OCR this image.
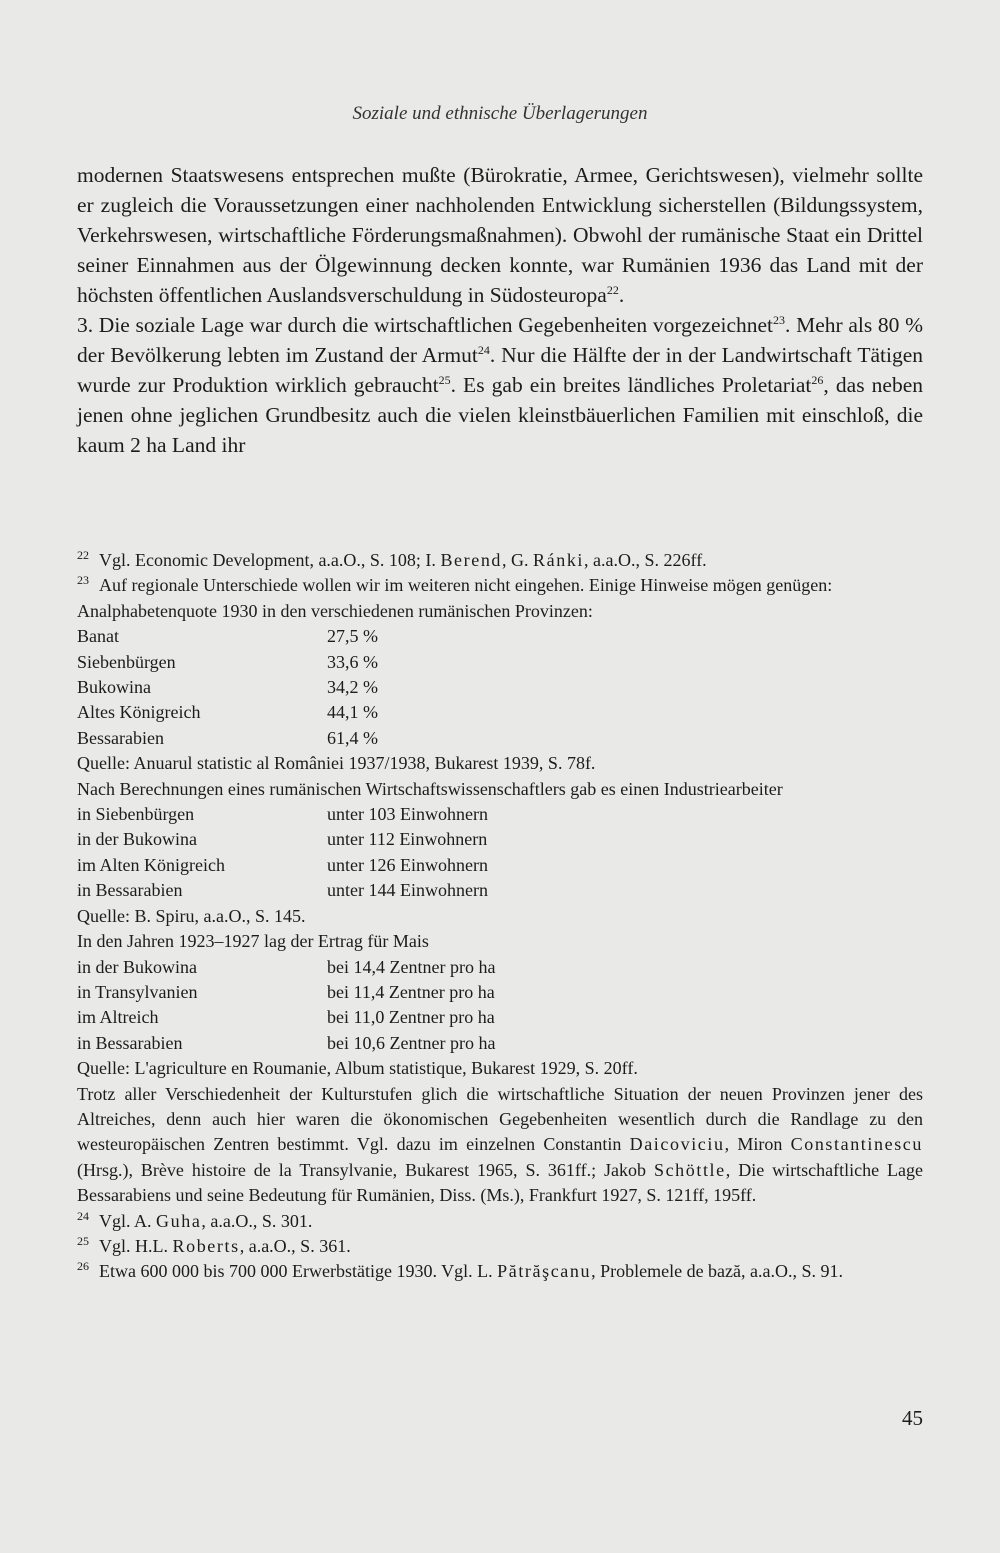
Soziale und ethnische Überlagerungen

modernen Staatswesens entsprechen mußte (Bürokratie, Armee, Gerichtswesen), vielmehr sollte er zugleich die Voraussetzungen einer nachholenden Entwicklung sicherstellen (Bildungssystem, Verkehrswesen, wirtschaftliche Förderungsmaßnahmen). Obwohl der rumänische Staat ein Drittel seiner Einnahmen aus der Ölgewinnung decken konnte, war Rumänien 1936 das Land mit der höchsten öffentlichen Auslandsverschuldung in Südosteuropa$^{22}$.

3. Die soziale Lage war durch die wirtschaftlichen Gegebenheiten vorgezeichnet$^{23}$. Mehr als 80 % der Bevölkerung lebten im Zustand der Armut$^{24}$. Nur die Hälfte der in der Landwirtschaft Tätigen wurde zur Produktion wirklich gebraucht$^{25}$. Es gab ein breites ländliches Proletariat$^{26}$, das neben jenen ohne jeglichen Grundbesitz auch die vielen kleinstbäuerlichen Familien mit einschloß, die kaum 2 ha Land ihr

$^{22}$ Vgl. Economic Development, a.a.O., S. 108; I. Berend, G. Ránki, a.a.O., S. 226ff.

$^{23}$ Auf regionale Unterschiede wollen wir im weiteren nicht eingehen. Einige Hinweise mögen genügen:

Analphabetenquote 1930 in den verschiedenen rumänischen Provinzen:

Banat	27,5 %
Siebenbürgen	33,6 %
Bukowina	34,2 %
Altes Königreich	44,1 %
Bessarabien	61,4 %

Quelle: Anuarul statistic al României 1937/1938, Bukarest 1939, S. 78f.

Nach Berechnungen eines rumänischen Wirtschaftswissenschaftlers gab es einen Industriearbeiter

in Siebenbürgen	unter 103 Einwohnern
in der Bukowina	unter 112 Einwohnern
im Alten Königreich	unter 126 Einwohnern
in Bessarabien	unter 144 Einwohnern

Quelle: B. Spiru, a.a.O., S. 145.

In den Jahren 1923–1927 lag der Ertrag für Mais

in der Bukowina	bei 14,4 Zentner pro ha
in Transylvanien	bei 11,4 Zentner pro ha
im Altreich	bei 11,0 Zentner pro ha
in Bessarabien	bei 10,6 Zentner pro ha

Quelle: L'agriculture en Roumanie, Album statistique, Bukarest 1929, S. 20ff.

Trotz aller Verschiedenheit der Kulturstufen glich die wirtschaftliche Situation der neuen Provinzen jener des Altreiches, denn auch hier waren die ökonomischen Gegebenheiten wesentlich durch die Randlage zu den westeuropäischen Zentren bestimmt. Vgl. dazu im einzelnen Constantin Daicoviciu, Miron Constantinescu (Hrsg.), Brève histoire de la Transylvanie, Bukarest 1965, S. 361ff.; Jakob Schöttle, Die wirtschaftliche Lage Bessarabiens und seine Bedeutung für Rumänien, Diss. (Ms.), Frankfurt 1927, S. 121ff, 195ff.

$^{24}$ Vgl. A. Guha, a.a.O., S. 301.

$^{25}$ Vgl. H.L. Roberts, a.a.O., S. 361.

$^{26}$ Etwa 600 000 bis 700 000 Erwerbstätige 1930. Vgl. L. Pătrăşcanu, Problemele de bază, a.a.O., S. 91.

45
